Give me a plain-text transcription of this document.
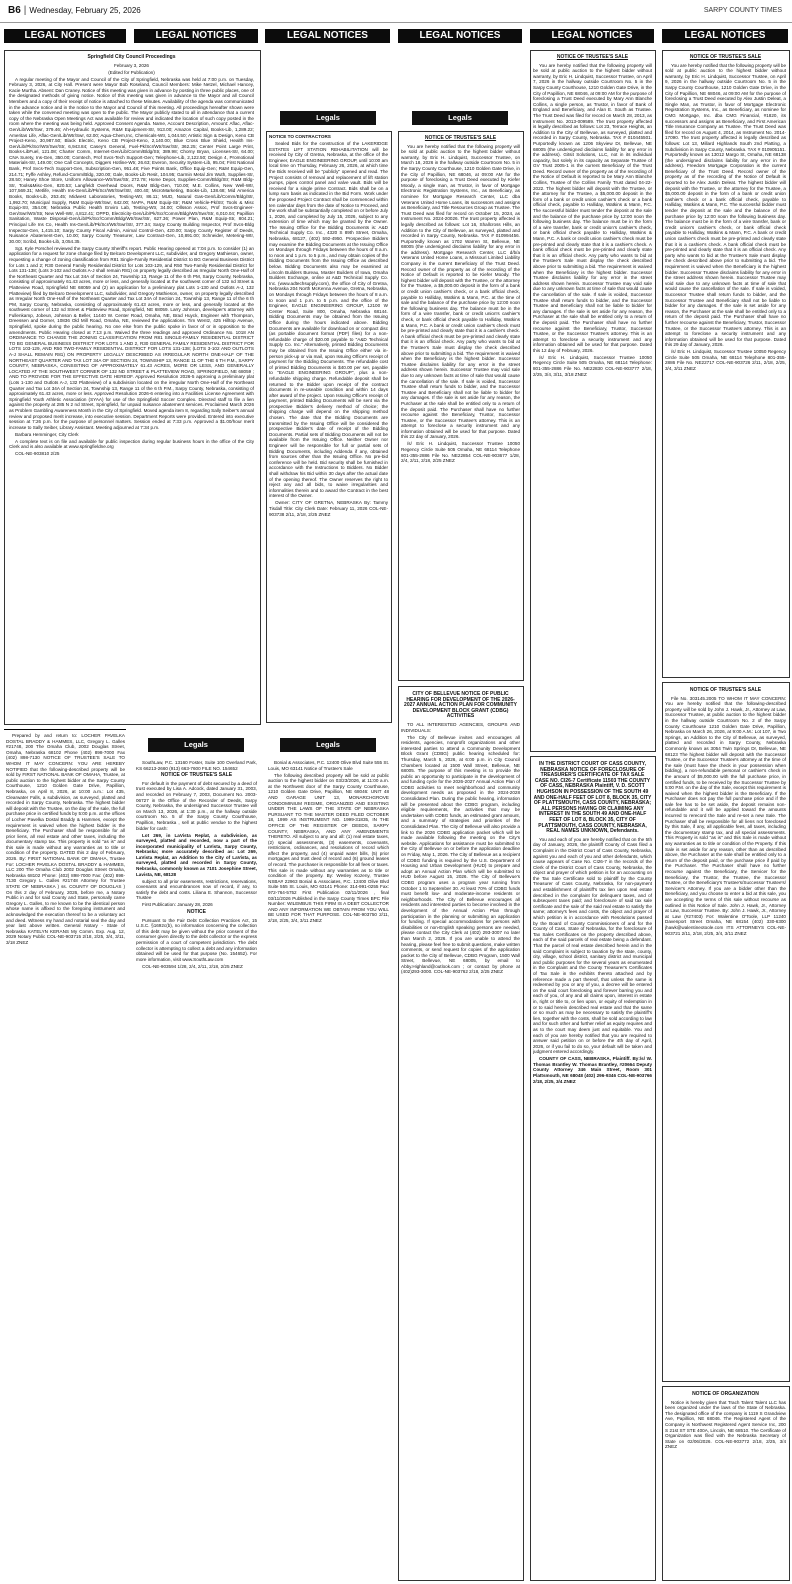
B6 | Wednesday, February 25, 2026	SARPY COUNTY TIMES
LEGAL NOTICES	LEGAL NOTICES	LEGAL NOTICES	LEGAL NOTICES	LEGAL NOTICES	LEGAL NOTICES

Springfield City Council Proceedings

February 3, 2026

(Edited for Publication)

A regular meeting of the Mayor and Council of the City of Springfield, Nebraska was held at 7:00 p.m. on Tuesday, February 3, 2026, at City Hall. Present were Mayor Bob Roseland, Council Members: Mike Netzel, Michael Hancey, Kacie Murtha. Absent: Dan Craney. Notice of this meeting was given in advance by posting in three public places, one of the designated methods of giving notice. Notice of this meeting was given in advance to the Mayor and all Council Members and a copy of their receipt of notice is attached to these Minutes. Availability of the agenda was communicated in the advance notice and in the notice to the Mayor and Council of this meeting. All proceedings hereafter shown were taken while the convened meeting was open to the public. The Mayor publicly stated to all in attendance that a current copy of the Nebraska Open Meetings Act was available for review and indicated the location of such copy posted in the room where the meeting was being held. Approved Consent Agenda. Name, Account Description, Amount: Aflac, Aflac-Gen/Lib/Wtr/Swr, 379.46; Ah-Hydraulic Systems, R&M Equipment-Str, 913.00; Amazon Capital, Books-Lib, 1,289.22; Ameritas Life, Aflac-Gen/Lib/Wtr/Swr, 62.00; Aqua-Chem,Inc, Chemicals-Wtr, 1,044.50; Artistic Sign & Design, Keno CB Project-Keno, 30,987.50; Black Electric, Keno CB Project-Keno, 2,140.00; Blue Cross Blue Shield, Health Ins-Gen/Lib/Pk/Scr/Wtr/Swr/Str, 6,943.84; Casey's General, Fuel-Pk/Scr/Wtr/Swr/Str, 362.25; Center Point Large Print, Books-LibFuel, 121.08; Charter Comm, Internet-Gen/Lib/Comm/Bldg/Str, 389.98; Chorny Bryan, Licenses-Str, 64.00; CNA Surety, Ins-Gen, 350.00; Comtech, Prof Svcs-Tech Support-Gen; Telephone-Lib, 2,122.50; Design 4, Promotional Materials-Str, 149.00; One Call Concepts, Diggers Hotline-Wtr, 26.63; Everon, Security System-Lib, 95.04; First National Bank, Prof Svcs-Tech Support-Gen, Subscription-Gen, 951.48; Five Points Bank, Office Equip-Gen; R&M Equip-Gen, 214.71; Fyffe Ashley, Refund-Comm/Bldg, 320.00; Gale, Books-Lib Resit, 104.95; Garmin Metal Jim Wuth, Supplies-Str, 28.50; Haney Shoe Store, Uniform Allowance-Wtr/Swr/Str, 272.78; Home Depot, Supplies-Comm/Bldg/Str; R&M Bldg-Str, Tools&Misc-Gen, 820.53; Langfeldt Overhead Doors, R&M Bldg-Gen, 710.00; M.E. Collins, New Well-Wtr, 107,569.31; Metlife, Health Ins-Gen/Lib/Pk/Scr/Wtr/Swr/Str, 400.40; MicroMarketing, Books-Lib, 138.68; Mid America Books, Books-Lib, 253.45; Midwest Laboratories, Testing-Wtr, 86.11; MUD, Natural Gas-Gen/Lib/Comm/Bldg/Str, 1,992.70; Municipal Supply, R&M Equip-Wtr/Swr, 642.00; NAPA, R&M Equip-Str; R&M Vehicle-Pk/Str; Tools & Misc Equip-Str, 354.09; Nebraska Public Health Enviro Lab, Testing-Wtr, 34.00; Ollsson Assoc, Prof Svcs-Engineer-Gen/Swr/Wtr/Str, New Well-Wtr, 4,812.41; OPPD, Electricity-Gen/Lib/Pk/Scr/Comm/Bldg/Wtr/Swr/Str, 6,010.04; Papillion Sanitation, Waste Disposal-Gen/Lib/Pk/Scr/Comm/Bldg/Wtr/Swr/Str, 627.36; Power Plan, R&M Equip-Str, 804.21; Principal Life Ins Co, Health Ins-Gen/Lib/Pk/Scr/Wtr/Swr/Str, 377.34; Sarpy County Building Inspector, Prof Svcs-Bldg Inspector-Gen, 1,415.10; Sarpy County Fiscal Admin, Animal Control-Gen, 420.00; Sarpy County Register of Deeds, Nuisance Abatement-Gen, 10.00; Sarpy County Treasurer, Law Contract-Gen, 10,891.00; Schneider, Metering-Wtr, 30.00; Scribd, Books-Lib, 3,054.35.

Sgt. Kyle Porschel reviewed the Sarpy County Sheriff's report. Public Hearing opened at 7:04 p.m. to consider (1) an application for a request for zone change filed by Belcaro Development LLC, subdivider, and Gregory Mathieson, owner, requesting a change of zoning classification from R81 Single-Family Residential District to BG General Business District for Lots 1 and 2; R30 General Family Residential District for Lots 103-129, and R50 Two-Family Residential District for Lots 131-138; (Lots 3-102 and Outlots A-J shall remain R81) on property legally described as Irregular North One-Half of the Northeast Quarter and Tax Lot 34A of Section 24, Township 13, Range 11 of the 6 th PM, Sarpy County, Nebraska, consisting of approximately 61.43 acres, more or less, and generally located at the southwest corner of 132 nd Street & Platteview Road, Springfield NE 68059 and (2) an application for a preliminary plat Lots 1-130 and Outlots A-J, 132 Platteview) filed by Belcaro Development LLC, subdivider, and Gregory Mathieson, owner, on property legally described as Irregular North One-Half of the Northeast Quarter and Tax Lot 34A of Section 24, Township 13, Range 11 of the 6 th PM, Sarpy County, Nebraska, consisting of approximately 61.43 acres, more or less, and generally located at the southwest corner of 132 nd Street & Platteview Road, Springfield, NE 68059. Larry Johnson, developer's attorney with Fullenkamp, Jobeun, Johnson & Beller, 11440 W. Center Road, Omaha, NE, Brad Huyck, Engineer with Thompson, Dreessen and Dorner, 10836 Old Mill Road, Omaha, NE, reviewed the applications. Tim Wentz, 425 Hilltop Avenue, Springfield, spoke during the public hearing. No one else from the public spoke in favor of or in opposition to the amendments. Public Hearing closed at 7:13 p.m. Waived the three readings and approved Ordinance No. 1018 AN ORDINANCE TO CHANGE THE ZONING CLASSIFICATION FROM R81 SINGLE-FAMILY RESIDENTIAL DISTRICT TO BG GENERAL BUSINESS DISTRICT FOR LOTS 1 AND 2, R30 GENERAL FAMILY RESIDENTIAL DISTRICT FOR LOTS 103-129, AND R50 TWO-FAMILY RESIDENTIAL DISTRICT FOR LOTS 131-138; (LOTS 3-102 AND OUTLOTS A-J SHALL REMAIN R81) ON PROPERTY LEGALLY DESCRIBED AS IRREGULAR NORTH ONE-HALF OF THE NORTHEAST QUARTER AND TAX LOT 34A OF SECTION 24, TOWNSHIP 13, RANGE 11 OF THE 6 TH P.M., SARPY COUNTY, NEBRASKA, CONSISTING OF APPROXIMATELY 61.43 ACRES, MORE OR LESS, AND GENERALLY LOCATED AT THE SOUTHWEST CORNER OF 132 ND STREET & PLATTEVIEW ROAD, SPRINGFIELD, NE 68059 ; AND TO PROVIDE FOR THE EFFECTIVE DATE HEREOF. Approved Resolution 2026-5 approving a preliminary plat (Lots 1-130 and Outlots A-J, 132 Platteview) of a subdivision located on the irregular North One-Half of the Northeast Quarter and Tax Lot 34A of Section 24, Township 13, Range 11 of the 6 th P.M., Sarpy County, Nebraska, consisting of approximately 61.43 acres, more or less. Approved Resolution 2026-6 entering into a Facilities License Agreement with Springfield Youth Athletic Association (SYAA) for use of the Springfield Soccer Complex. Directed staff to file a lien against the property at 285 N 2 nd Street, Springfield, for unpaid nuisance abatement services. Proclaimed March 2026 as Problem Gambling Awareness Month in the City of Springfield. Moved agenda item 8, regarding Sally Seiber's annual review and proposed merit increase, into executive session. Department Reports were provided. Entered into executive session at 7:26 p.m. for the purpose of personnel matters. Session ended at 7:33 p.m. Approved a $1.00/hour merit increase to Sally Seiber, Library Assistant. Meeting adjourned at 7:34 p.m.

Barbara Hemminger, City Clerk

A complete text is on file and available for public inspection during regular business hours in the office of the City Clerk and is also available at www.springfieldne.org

COL-NE-903810 2/25

Prepared by and return to: LOCHER PAVELKA DOSTAL BRADDY & HAMMES, LLC, Gregory L. Galles #21748, 200 The Omaha Club, 2002 Douglas Street, Omaha, Nebraska 68102 Phone (402) 898-7000 Fax (402) 898-7130 NOTICE OF TRUSTEE'S SALE TO WHOM IT MAY CONCERN: YOU ARE HEREBY NOTIFIED that the following-described property will be sold by FIRST NATIONAL BANK OF OMAHA, Trustee, at public auction to the highest bidder at the Sarpy County Courthouse, 1210 Golden Gate Drive, Papillion, Nebraska, on April 8, 2026, at 10:00 a.m.: Lot 435, Clearwater Falls, a subdivision, as surveyed, platted and recorded in Sarpy County, Nebraska. The highest bidder will deposit with the Trustee, on the day of the sale, the full purchase price in certified funds by 5:00 p.m. at the offices of Locher Pavelka Dostal Braddy & Hammes, except the requirement is waived when the highest bidder is the Beneficiary. The Purchaser shall be responsible for all prior liens, all real estate and other taxes, including the documentary stamp tax. This property is sold "as is" and this sale is made without any warranties as to title or condition of the property. DATED this 2 day of February, 2026. By: FIRST NATIONAL BANK OF OMAHA, Trustee For: LOCHER PAVELKA DOSTAL BRADDY & HAMMES, LLC 200 The Omaha Club 2002 Douglas Street Omaha, Nebraska 68102 Phone: (402) 898-7000 Fax: (402) 898-7130 Gregory L. Galles #21748 Attorney for Trustee STATE OF NEBRASKA ) ss. COUNTY OF DOUGLAS ) On this 2 day of February, 2026, before me, a Notary Public in and for said County and State, personally came Gregory L. Galles, to me known to be the identical person whose name is affixed to the foregoing instrument and acknowledged the execution thereof to be a voluntary act and deed. Witness my hand and notarial seal the day and year last above written. General Notary - State of Nebraska KATELYN KERANS My Comm. Exp. Aug. 12, 2029 Notary Public COL-NE-903715 2/18, 2/25, 3/4, 3/11, 3/18 ZNEZ

Legals

SouthLaw, P.C. 13160 Foster, Suite 100 Overland Park, KS 66213-2660 (913) 663-7600 FILE NO. 154652

NOTICE OF TRUSTEE'S SALE

For default in the payment of debt secured by a deed of trust executed by Lisa A. Adcock, dated January 31, 2003, and recorded on February 7, 2003, Document No. 2003-06727 in the Office of the Recorder of Deeds, Sarpy County, Nebraska, the undersigned Successor Trustee will on March 13, 2026, at 1:30 p.m., at the hallway outside courtroom No. 5 of the Sarpy County Courthouse, Papillion, Nebraska , sell at public vendue to the highest bidder for cash:

Lot 269, in LaVista Replat, a subdivision, as surveyed, platted and recorded, now a part of the incorporated municipality of LaVista, Sarpy County, Nebraska; more accurately described as: Lot 269, LaVista Replat, an Addition to the City of LaVista, as surveyed, platted and recorded in Sarpy County, Nebraska, commonly known as 7101 Josephine Street, Lavista, NE, 68128

subject to all prior easements, restrictions, reservations, covenants and encumbrances now of record, if any, to satisfy the debt and costs. Liliana E. Shannon, Successor Trustee

First Publication: January 28, 2026

NOTICE

Pursuant to the Fair Debt Collection Practices Act, 15 U.S.C. §1692c(b), no information concerning the collection of this debt may be given without the prior consent of the consumer given directly to the debt collector or the express permission of a court of competent jurisdiction. The debt collector is attempting to collect a debt and any information obtained will be used for that purpose (No. 154652). For more information, visit www.SouthLaw.com

COL-NE-903594 1/28, 2/4, 2/11, 2/18, 2/25 ZNEZ

Legals

NOTICE TO CONTRACTORS

Sealed Bids for the construction of the LAKERIDGE ESTATES LIFT STATION REHABILITATION will be received by City of Gretna, Nebraska, at the office of the Engineer, EAGLE ENGINEERING GROUP, until 10:00 am local time on Thursday, February 26, 2026, at which time the Bids received will be "publicly" opened and read. The Project consists of removal and replacement of lift station pumps, pipes control panel and valve vault. Bids will be received for a single prime Contract. Bids shall be on a lump sum basis as indicated in the Bid Form. Work under the proposed Project Contract shall be commenced within ten calendar days from the date of Notice to Proceed, and the work shall be substantially completed on or before July 1, 2026, and completed by July 15, 2026, subject to any extension of time which may be granted by the Owner. The Issuing Office for the Bidding Documents is: A&D Technical Supply Co. Inc., 4320 S 89th Street, Omaha, Nebraska, 68127, (402) 592-4950. Prospective Bidders may examine the Bidding Documents at the Issuing Office on Mondays through Fridays between the hours of 8 a.m. to noon and 1 p.m. to 5 p.m., and may obtain copies of the Bidding Documents from the Issuing Office as described below. Bidding Documents also may be examined at Lincoln Builders Bureau, Master Builders of Iowa, Omaha Builders Exchange, online at A&D Technical Supply Co. Inc. (www.adtechsupply.com), the office of City of Gretna, Nebraska 204 North McKenna Avenue, Gretna, Nebraska, on Mondays through Fridays between the hours of 8 a.m. to noon and 1 p.m. to 5 p.m. and the office of the Engineer, EAGLE ENGINEERING GROUP, 12100 W Center Road, Suite 800, Omaha, Nebraska 68144. Bidding Documents may be obtained from the Issuing Office during the hours indicated above. Bidding Documents are available for download on or compact disc (as portable document format (PDF) files) for a non-refundable charge of $20.00 payable to "A&D Technical Supply Co. Inc." Alternatively, printed Bidding Documents may be obtained from the Issuing Office either via in-person pick-up or via mail, upon Issuing Office's receipt of payment for the Bidding Documents. The refundable cost of printed Bidding Documents is $40.00 per set, payable to "EAGLE ENGINEERING GROUP", plus a non-refundable shipping charge. Refundable deposit shall be returned to the Bidder upon receipt of the contract documents in re-useable condition and within 14 days after award of the project. Upon Issuing Office's receipt of payment, printed Bidding Documents will be sent via the prospective Bidder's delivery method of choice; the shipping charge will depend on the shipping method chosen. The date that the Bidding Documents are transmitted by the Issuing Office will be considered the prospective Bidder's date of receipt of the Bidding Documents. Partial sets of Bidding Documents will not be available from the Issuing Office. Neither Owner nor Engineer will be responsible for full or partial sets of Bidding Documents, including Addenda if any, obtained from sources other than the Issuing Office. No pre-bid conference will be held. Bid security shall be furnished in accordance with the Instructions to Bidders. No Bidder shall withdraw his Bid within 30 days after the actual date of the opening thereof. The Owner reserves the right to reject any and all bids, to waive irregularities and informalities therein and to award the Contract in the best interest of the Owner.

Owner: CITY OF GRETNA, NEBRASKA By: Tammy Tisdall Title: City Clerk Date: February 11, 2026 COL-NE-903738 2/11, 2/18, 2/25 ZNEZ

Legals

Bonial & Associates, P.C. 12400 Olive Blvd Suite 555 St. Louis, MO 63141 Notice of Trustee's Sale

The following described property will be sold at public auction to the highest bidder on 03/23/2026, at 11:00 a.m. at the Northwest door of the Sarpy County Courthouse, 1210 Golden Gate Drive, Papillion, NE 68046: UNIT 48 AND GARAGE UNIT 13, MONARCHGROVE CONDOMINIUM REGIME, ORGANIZED AND EXISTING UNDER THE LAWS OF THE STATE OF NEBRASKA PURSUANT TO THE MASTER DEED FILED OCTOBER 18, 1999 AS INSTRUMENT NO. 1999-31835, IN THE OFFICE OF THE REGISTER OF DEEDS, SARPY COUNTY, NEBRASKA, AND ANY AMENDMENTS THERETO. All subject to any and all: (1) real estate taxes, (2) special assessments, (3) easements, covenants, restrictions, ordinances, and resolutions of record which affect the property, and (4) unpaid water bills, (5) prior mortgages and trust deed of record and (6) ground leases of record. The purchaser is responsible for all fees or taxes. This sale is made without any warranties as to title or condition of the property. By: Wesley Kozeny, Trustee NSBA# 22963 Bonial & Associates, P.C. 12400 Olive Blvd Suite 555 St. Louis, MO 63141 Phone: 314-991-0255 Fax: 972-764-5752 First Publication 02/11/2026 , final 03/11/2026 Published in the Sarpy County Times BPC File Number: WILEMBUS THIS FIRM IS A DEBT COLLECTOR AND ANY INFORMATION WE OBTAIN FROM YOU WILL BE USED FOR THAT PURPOSE. COL-NE-903750 2/11, 2/18, 2/25, 3/4, 3/11 ZNEZ

Legals

NOTICE OF TRUSTEE'S SALE

You are hereby notified that the following property will be sold at public auction to the highest bidder without warranty, by Eric H. Lindquist, Successor Trustee, on March 18, 2026 in the hallway outside Courtroom No. 5 in the Sarpy County Courthouse, 1210 Golden Gate Drive, in the City of Papillion, NE 68046, at 09:00 AM for the purpose of foreclosing a Trust Deed executed by Kiefer Moody, a single man, as Trustor, in favor of Mortgage Electronic Registration Systems, Inc., as Beneficiary, as nominee for Mortgage Research Center, LLC dba Veterans United Home Loans, its successors and assigns as Beneficiary, and Title Resources Group as Trustee. The Trust Deed was filed for record on October 15, 2024, as Instrument No. 2024-20026. The trust property affected is legally described as follows: Lot 16, Shallcross Hills, an Addition to the City of Bellevue, as surveyed, platted and recorded in Sarpy County, Nebraska. TAX # 010994456. Purportedly known as 1702 Warren St, Bellevue, NE 68005 (the undersigned disclaims liability for any error in the address). Mortgage Research Center, LLC d/b/a Veterans United Home Loans, a Missouri Limited Liability Company is the current Beneficiary of the Trust Deed. Record owner of the property as of the recording of the Notice of Default is reported to be Kiefer Moody. The highest bidder will deposit with the Trustee, or the attorney for the Trustee, a $5,000.00 deposit in the form of a bank or credit union cashier's check, or a bank official check, payable to Halliday, Watkins & Mann, P.C. at the time of sale and the balance of the purchase price by 12:00 noon the following business day. The balance must be in the form of a wire transfer, bank or credit union's cashier's check, or bank official check payable to Halliday, Watkins & Mann, P.C. A bank or credit union cashier's check must be pre-printed and clearly state that it is a cashier's check. A bank official check must be pre-printed and clearly state that it is an official check. Any party who wants to bid at the Trustee's Sale must display the check described above prior to submitting a bid. The requirement is waived when the Beneficiary is the highest bidder. Successor Trustee disclaims liability for any error in the street address shown herein. Successor Trustee may void sale due to any unknown facts at time of sale that would cause the cancellation of the sale. If sale is voided, Successor Trustee shall return funds to bidder, and the Successor Trustee and Beneficiary shall not be liable to bidder for any damages. If the sale is set aside for any reason, the Purchaser at the sale shall be entitled only to a return of the deposit paid. The Purchaser shall have no further recourse against the Beneficiary, Trustor, Successor Trustee, or the Successor Trustee's attorney. This is an attempt to foreclose a security instrument and any information obtained will be used for that purpose. Dated this 22 day of January, 2026.

/s/ Eric H. Lindquist, Successor Trustee 10050 Regency Circle Suite 505 Omaha, NE 68114 Telephone 801-355-2886 File No. NE22854 COL-NE-903677 1/28, 2/4, 2/11, 2/18, 2/25 ZNEZ

CITY OF BELLEVUE NOTICE OF PUBLIC HEARING FOR DEVELOPMENT OF THE 2026-2027 ANNUAL ACTION PLAN FOR COMMUNITY DEVELOPMENT BLOCK GRANT (CDBG) ACTIVITIES

TO ALL INTERESTED AGENCIES, GROUPS AND INDIVIDUALS:

The City of Bellevue invites and encourages all residents, agencies, nonprofit organizations and other interested parties to attend a Community Development Block Grant (CDBG) public hearing scheduled for: Thursday, March 5, 2026, at 6:00 p.m. in City Council Chambers located at 1500 Wall Street, Bellevue, NE 68005. The purpose of this meeting is to provide the public an opportunity to participate in the development of and funding cycle for the 2026-2027 Annual Action Plan of CDBG activities to meet neighborhood and community development needs as proposed in the 2024-2028 Consolidated Plan. During the public hearing, information will be presented about the CDBG program, including eligible requirements, the activities that may be undertaken with CDBG funds, an estimated grant amount, and a summary of strategies and priorities of the Consolidated Plan. The City of Bellevue will also provide a link to the 2026 CDBG application packet which will be made available following the meeting on the City's website. Applications for assistance must be submitted to the City of Bellevue on or before the application deadline on Friday, May 1, 2026. The City of Bellevue as a recipient of CDBG funding is required by the U.S. Department of Housing and Urban Development (HUD) to prepare and adopt an Annual Action Plan which will be submitted to HUD before August 15, 2026. The City of Bellevue's CDBG program uses a program year running from October 1 to September 30. At least 70% of CDBG funds must benefit low- and moderate-income residents or neighborhoods. The City of Bellevue encourages all residents and interested parties to become involved in the development of the Annual Action Plan through participation in the planning or submitting an application for funding. If special accommodations for persons with disabilities or non-English speaking persons are needed, please contact the City Clerk at (402) 293-3007 no later than March 2, 2026. If you are unable to attend the hearing, please feel free to submit questions, make written comments, or send request for copies of the application packet to the City of Bellevue, CDBG Program, 1500 Wall Street, Bellevue, NE 68005, by email to Abby.Highland@outlook.com ; or contact by phone at (402)293-3000. COL-NE-903762 2/18, 2/25 ZNEZ

NOTICE OF TRUSTEE'S SALE

You are hereby notified that the following property will be sold at public auction to the highest bidder without warranty, by Eric H. Lindquist, Successor Trustee, on April 7, 2026 in the hallway outside Courtroom No. 5 in the Sarpy County Courthouse, 1210 Golden Gate Drive, in the City of Papillion, NE 68046, at 09:00 AM for the purpose of foreclosing a Trust Deed executed by Mary Ann Blanche Collins, a single person, as Trustor, in favor of Bank of England and Beneficiary, and Alan E. South as Trustee. The Trust Deed was filed for record on March 28, 2013, as Instrument No. 2013-009589. The trust property affected is legally described as follows: Lot 23, Terrace Heights, an Addition to the City of Bellevue, as surveyed, platted and recorded in Sarpy County, Nebraska. TAX # 010445501. Purportedly known as 1206 Skyview Dr, Bellevue, NE 68005 (the undersigned disclaims liability for any error in the address). Gitsit Solutions, LLC, not in its individual capacity, but solely in its capacity as Separate Trustee of GV Trust 2005-1 is the current Beneficiary of the Trust Deed. Record owner of the property as of the recording of the Notice of Default is reported to be Mary Ann Blanche Collins, Trustee of the Collins Family Trust dated 04-22-2022. The highest bidder will deposit with the Trustee, or the attorney for the Trustee, a $5,000.00 deposit in the form of a bank or credit union cashier's check or a bank official check, payable to Halliday, Watkins & Mann, P.C. The successful bidder must tender the deposit at the sale and the balance of the purchase price by 12:00 noon the following business day. The balance must be in the form of a wire transfer, bank or credit union's cashier's check, or bank official check payable to Halliday, Watkins & Mann, P.C. A bank or credit union cashier's check must be pre-printed and clearly state that it is a cashier's check. A bank official check must be pre-printed and clearly state that it is an official check. Any party who wants to bid at the Trustee's Sale must display the check described above prior to submitting a bid. The requirement is waived when the Beneficiary is the highest bidder. Successor Trustee disclaims liability for any error in the street address shown herein. Successor Trustee may void sale due to any unknown facts at time of sale that would cause the cancellation of the sale. If sale is voided, Successor Trustee shall return funds to bidder, and the Successor Trustee and Beneficiary shall not be liable to bidder for any damages. If the sale is set aside for any reason, the Purchaser at the sale shall be entitled only to a return of the deposit paid. The Purchaser shall have no further recourse against the Beneficiary, Trustor, Successor Trustee, or the Successor Trustee's attorney. This is an attempt to foreclose a security instrument and any information obtained will be used for that purpose. Dated this 12 day of February, 2026.

/s/ Eric H. Lindquist, Successor Trustee 10050 Regency Circle Suite 505 Omaha, NE 68114 Telephone: 801-355-2886 File No. NE22830 COL-NE-903777 2/18, 2/25, 3/4, 3/11, 3/18 ZNEZ

IN THE DISTRICT COURT OF CASS COUNTY, NEBRASKA NOTICE OF FORECLOSURE OF TREASURER'S CERTIFICATE OF TAX SALE CASE NO. CI26-7 Certificate 11503 THE COUNTY OF CASS, NEBRASKA Plaintiff, V. D. SCOTT HUGHSON IN POSSESSION OF THE SOUTH 49 AND ONE-HALF FEET OF LOT 8, BLOCK 35, CITY OF PLATTSMOUTH, CASS COUNTY, NEBRASKA; ALL PERSONS HAVING OR CLAIMING ANY INTEREST IN THE SOUTH 49 AND ONE-HALF FEET OF LOT 8, BLOCK 35, CITY OF PLATTSMOUTH, CASS COUNTY, NEBRASKA, REAL NAMES UNKNOWN, Defendants.

You and each of you are hereby notified that on the 5th day of January, 2026, the plaintiff County of Cass filed a Complaint in the District Court of Cass County, Nebraska, against you and each of you and other defendants, which cause appears of Case No. CI26-7 in the records of the Clerk of the District Court of Cass County, Nebraska, the object and prayer of which petition is for an accounting on the Tax Sale Certificate sold to plaintiff by the County Treasurer of Cass County, Nebraska, for non-payment and establishment of plaintiff's tax lien upon real estate described in the complaint for delinquent taxes, and of subsequent taxes paid; and foreclosure of said tax sale certificate and the sale of the said real estate to satisfy the same; attorney's fees and costs, the object and prayer of which petition is in accordance with Resolutions passed by the Board of County Commissioners of and for the County of Cass, State of Nebraska, for the foreclosure of Tax Sales Certificates on the property described above, each of the said parcels of real estate being a defendant. That the parcel of real estate described herein and in the said Complaint is subject to taxation by the state, county, city, village, school district, sanitary district and municipal and public purposes for the several years as enumerated in the Complaint and the County Treasurer's Certificates of Tax Sale in the exhibits thereto attached and by reference made a part thereof, that unless the same is redeemed by you or any of you, a decree will be entered on the said court foreclosing and forever barring you and each of you, of any and all claims upon, interest in estate in, right or title to, or lien upon, or equity of redemption in or to said herein described real estate and that the same or so much as may be necessary to satisfy the plaintiff's lien, together with the costs, shall be sold according to law and for such other and further relief as equity requires and as to the court may deem just and equitable. You and each of you are hereby notified that you are required to answer said petition on or before the 4th day of April, 2026, or if you fail to do so, your default will be taken and judgment entered accordingly.

COUNTY OF CASS, NEBRASKA, Plaintiff. By:/s/ W. Thomas Brantley W. Thomas Brantley, #20664 Deputy County Attorney 346 Main Street, Room 301 Plattsmouth, NE 68048 (402) 296-9346 COL-NE-903766 2/18, 2/25, 3/4 ZNEZ

NOTICE OF TRUSTEE'S SALE

You are hereby notified that the following property will be sold at public auction to the highest bidder without warranty, by Eric H. Lindquist, Successor Trustee, on April 9, 2026 in the hallway outside Courtroom No. 5 in the Sarpy County Courthouse, 1210 Golden Gate Drive, in the City of Papillion, NE 68046, at 09:00 AM for the purpose of foreclosing a Trust Deed executed by Alex Justin Deleat, a Single Man, as Trustor, in favor of Mortgage Electronic Registration Systems, Inc., as Beneficiary, as nominee for CMG Mortgage, Inc. dba CMG Financial, #1820, its successors and assigns as Beneficiary, and First American Title Insurance Company as Trustee. The Trust Deed was filed for record on August 4, 2014, as Instrument No. 2014-17090. The trust property affected is legally described as follows: Lot 13, Millard Highlands South 2nd Platting, a Subdivision in Sarpy County, Nebraska. TAX # 010905151. Purportedly known as 13012 Margo St, Omaha, NE 68138 (the undersigned disclaims liability for any error in the address). Freedom Mortgage Corporation is the current Beneficiary of the Trust Deed. Record owner of the property as of the recording of the Notice of Default is reported to be Alex Justin Deleat. The highest bidder will deposit with the Trustee, or the attorney for the Trustee, a $5,000.00 deposit in the form of a bank or credit union cashier's check or a bank official check, payable to Halliday, Watkins & Mann, P.C. The successful bidder must tender the deposit at the sale and the balance of the purchase price by 12:00 noon the following business day. The balance must be in the form of a wire transfer, bank or credit union's cashier's check, or bank official check payable to Halliday, Watkins & Mann, P.C. A bank or credit union cashier's check must be pre-printed and clearly state that it is a cashier's check. A bank official check must be pre-printed and clearly state that it is an official check. Any party who wants to bid at the Trustee's Sale must display the check described above prior to submitting a bid. The requirement is waived when the Beneficiary is the highest bidder. Successor Trustee disclaims liability for any error in the street address shown herein. Successor Trustee may void sale due to any unknown facts at time of sale that would cause the cancellation of the sale. If sale is voided, Successor Trustee shall return funds to bidder, and the Successor Trustee and Beneficiary shall not be liable to bidder for any damages. If the sale is set aside for any reason, the Purchaser at the sale shall be entitled only to a return of the deposit paid. The Purchaser shall have no further recourse against the Beneficiary, Trustor, Successor Trustee, or the Successor Trustee's attorney. This is an attempt to foreclose a security instrument and any information obtained will be used for that purpose. Dated this 29 day of January, 2026.

/s/ Eric H. Lindquist, Successor Trustee 10050 Regency Circle Suite 505 Omaha, NE 68114 Telephone 801-355-2886 File No. NE22717 COL-NE-903726 2/11, 2/18, 2/25, 3/4, 3/11 ZNEZ

NOTICE OF TRUSTEE'S SALE

File No. 303145.2005 TO WHOM IT MAY CONCERN: You are hereby notified that the following-described property will be sold by John J. Hawk, Jr., Attorney at Law, Successor Trustee, at public auction to the highest bidder in the hallway outside Courtroom No. 2 of the Sarpy County Courthouse 1210 Golden Gate Drive, Papillion, Nebraska on March 26, 2026, at 9:00 A.M.: Lot 107, in Two Springs, an Addition to the City of Bellevue, as surveyed, platted and recorded in Sarpy County, Nebraska Commonly known as 3054 Twin Springs Dr, Bellevue, NE 68123 The highest bidder will deposit with the Successor Trustee, or the Successor Trustee's attorney at the time of the sale (must have the check in your possession when bidding), a non-refundable personal or cashier's check in the amount of $5,000.00 with the full purchase price, in certified funds, to be received by the Successor Trustee by 5:00 P.M. on the day of the Sale, except this requirement is waived when the highest bidder is the Beneficiary. If the Purchaser does not pay the full purchase price and if the sale fee has to be set aside, the deposit remains non-refundable and it will be applied toward the amounts incurred to rerecord the Sale and re-set a new Sale. The Purchaser shall be responsible for all liens not foreclosed by this Sale, if any, all applicable fees, all taxes, including the documentary stamp tax, and all special assessments. This Property is sold "as is" and this Sale is made without any warranties as to title or condition of the Property. If this Sale is set aside for any reason, other than as described above, the Purchaser at the sale shall be entitled only to a return of the deposit paid, or the purchase price if paid by the Purchaser. The Purchaser shall have no further recourse against the Beneficiary, the Servicer for the Beneficiary, the Trustor, the Trustee, the Successor Trustee, or the Beneficiary's Trustee's/Successor Trustee's/ Servicer's Attorney. If you are a bidder other than the Beneficiary, and you choose to enter a bid at this sale, you are accepting the terms of this sale without recourse as outlined in this Notice of Sale. John J. Hawk, Jr., Attorney at Law, Successor Trustee. By: John J. Hawk, Jr., Attorney at Law (#27403) For: Walentine O'Toole, LLP 11240 Davenport Street Omaha, NE 68154 (402) 330-6300 jhawk@walentineotoole.com ITS ATTORNEYS COL-NE-903721 2/11, 2/18, 2/25, 3/4, 3/11 ZNEZ

NOTICE OF ORGANIZATION

Notice is hereby given that Trach Talent Talent LLC has been organized under the laws of the State of Nebraska. The designated office of the company is 1119 S Grandview Ave, Papillion, NE 68046. The Registered Agent of the Company is Northwest Registered Agent Service Inc, 200 S 21st ST STE 400A, Lincoln, NE 68510. The Certificate of Organization was filed with the Nebraska Secretary of State on 02/06/2026. COL-NE-903772 2/18, 2/25, 3/4 ZNEZ
